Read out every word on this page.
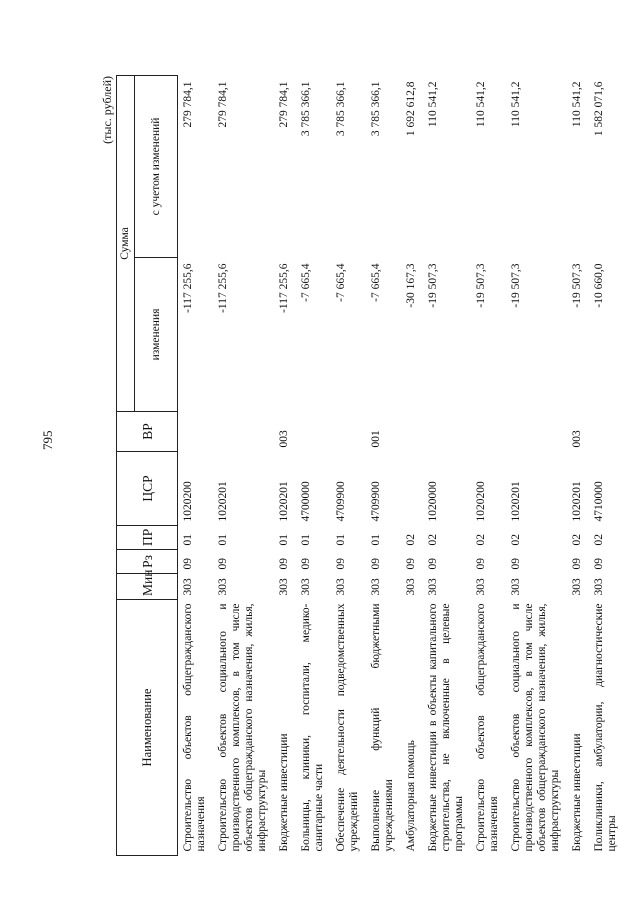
795
(тыс. рублей)
Наименование	Мин	Рз	ПР	ЦСР	ВР	Сумма	
						изменения	с учетом изменений
Строительство объектов общегражданского назначения	303	09	01	1020200		-117 255,6	279 784,1
Строительство объектов социального и производственного комплексов, в том числе объектов общегражданского назначения, жилья, инфраструктуры	303	09	01	1020201		-117 255,6	279 784,1
Бюджетные инвестиции	303	09	01	1020201	003	-117 255,6	279 784,1
Больницы, клиники, госпитали, медико-санитарные части	303	09	01	4700000		-7 665,4	3 785 366,1
Обеспечение деятельности подведомственных учреждений	303	09	01	4709900		-7 665,4	3 785 366,1
Выполнение функций бюджетными учреждениями	303	09	01	4709900	001	-7 665,4	3 785 366,1
Амбулаторная помощь	303	09	02			-30 167,3	1 692 612,8
Бюджетные инвестиции в объекты капитального строительства, не включенные в целевые программы	303	09	02	1020000		-19 507,3	110 541,2
Строительство объектов общегражданского назначения	303	09	02	1020200		-19 507,3	110 541,2
Строительство объектов социального и производственного комплексов, в том числе объектов общегражданского назначения, жилья, инфраструктуры	303	09	02	1020201		-19 507,3	110 541,2
Бюджетные инвестиции	303	09	02	1020201	003	-19 507,3	110 541,2
Поликлиники, амбулатории, диагностические центры	303	09	02	4710000		-10 660,0	1 582 071,6
